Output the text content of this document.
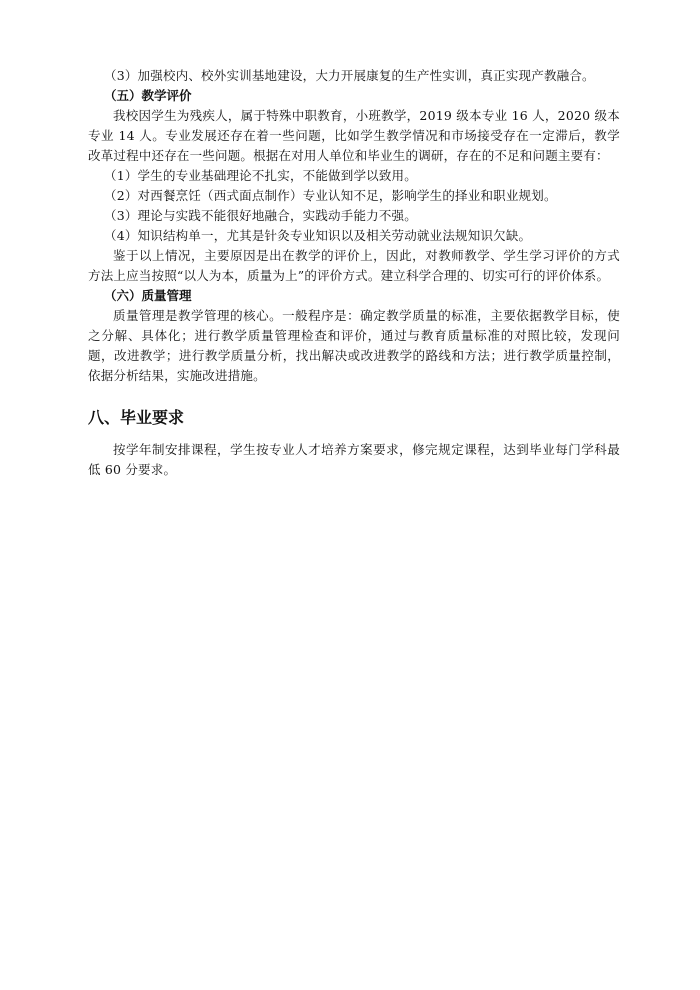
（3）加强校内、校外实训基地建设，大力开展康复的生产性实训，真正实现产教融合。

（五）教学评价

我校因学生为残疾人，属于特殊中职教育，小班教学，2019 级本专业 16 人，2020 级本专业 14 人。专业发展还存在着一些问题，比如学生教学情况和市场接受存在一定滞后，教学改革过程中还存在一些问题。根据在对用人单位和毕业生的调研，存在的不足和问题主要有：

（1）学生的专业基础理论不扎实，不能做到学以致用。

（2）对西餐烹饪（西式面点制作）专业认知不足，影响学生的择业和职业规划。

（3）理论与实践不能很好地融合，实践动手能力不强。

（4）知识结构单一，尤其是针灸专业知识以及相关劳动就业法规知识欠缺。

鉴于以上情况，主要原因是出在教学的评价上，因此，对教师教学、学生学习评价的方式方法上应当按照“以人为本，质量为上”的评价方式。建立科学合理的、切实可行的评价体系。

（六）质量管理

质量管理是教学管理的核心。一般程序是：确定教学质量的标准，主要依据教学目标，使之分解、具体化；进行教学质量管理检查和评价，通过与教育质量标准的对照比较，发现问题，改进教学；进行教学质量分析，找出解决或改进教学的路线和方法；进行教学质量控制，依据分析结果，实施改进措施。

八、毕业要求

按学年制安排课程，学生按专业人才培养方案要求，修完规定课程，达到毕业每门学科最低 60 分要求。
